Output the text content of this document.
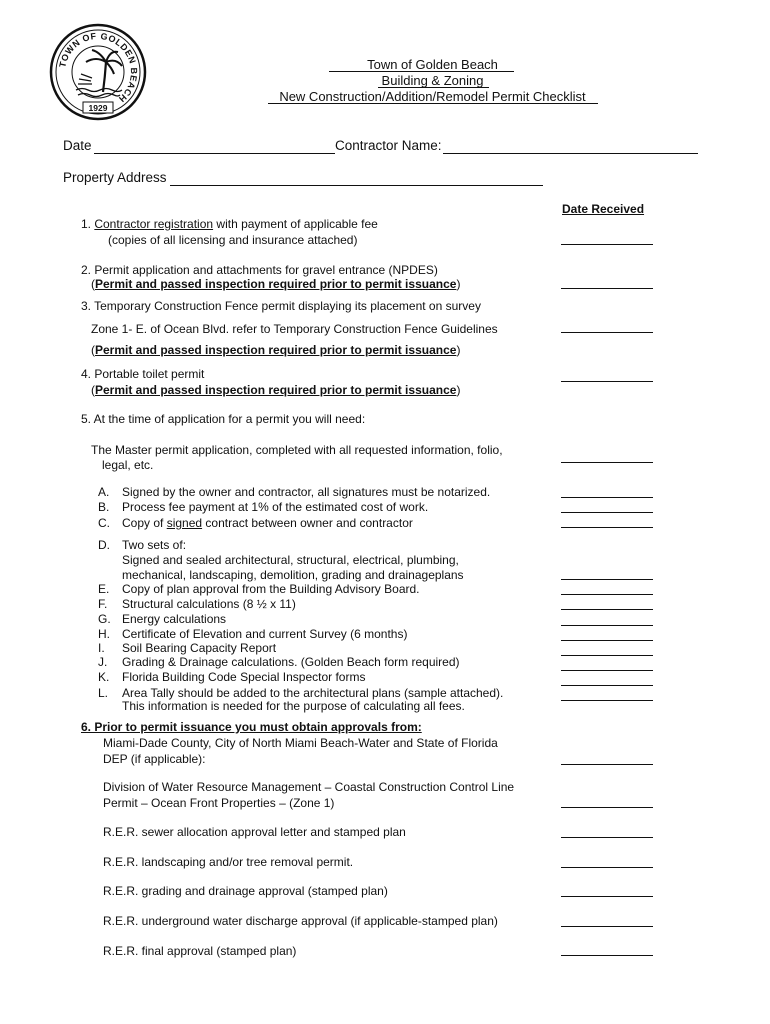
TOWN OF GOLDEN BEACH
1929
Town of Golden Beach
Building & Zoning
New Construction/Addition/Remodel Permit Checklist
Date	Contractor Name:
Property Address
Date Received
1. Contractor registration with payment of applicable fee
(copies of all licensing and insurance attached)
2. Permit application and attachments for gravel entrance (NPDES)
(Permit and passed inspection required prior to permit issuance)
3. Temporary Construction Fence permit displaying its placement on survey
Zone 1- E. of Ocean Blvd. refer to Temporary Construction Fence Guidelines
(Permit and passed inspection required prior to permit issuance)
4. Portable toilet permit
(Permit and passed inspection required prior to permit issuance)
5. At the time of application for a permit you will need:
The Master permit application, completed with all requested information, folio,
legal, etc.
A. Signed by the owner and contractor, all signatures must be notarized.
B. Process fee payment at 1% of the estimated cost of work.
C. Copy of signed contract between owner and contractor
D. Two sets of:
Signed and sealed architectural, structural, electrical, plumbing,
mechanical, landscaping, demolition, grading and drainageplans
E. Copy of plan approval from the Building Advisory Board.
F. Structural calculations (8 ½ x 11)
G. Energy calculations
H. Certificate of Elevation and current Survey (6 months)
I. Soil Bearing Capacity Report
J. Grading & Drainage calculations. (Golden Beach form required)
K. Florida Building Code Special Inspector forms
L. Area Tally should be added to the architectural plans (sample attached).
This information is needed for the purpose of calculating all fees.
6. Prior to permit issuance you must obtain approvals from:
Miami-Dade County, City of North Miami Beach-Water and State of Florida
DEP (if applicable):
Division of Water Resource Management – Coastal Construction Control Line
Permit – Ocean Front Properties – (Zone 1)
R.E.R. sewer allocation approval letter and stamped plan
R.E.R. landscaping and/or tree removal permit.
R.E.R. grading and drainage approval (stamped plan)
R.E.R. underground water discharge approval (if applicable-stamped plan)
R.E.R. final approval (stamped plan)
